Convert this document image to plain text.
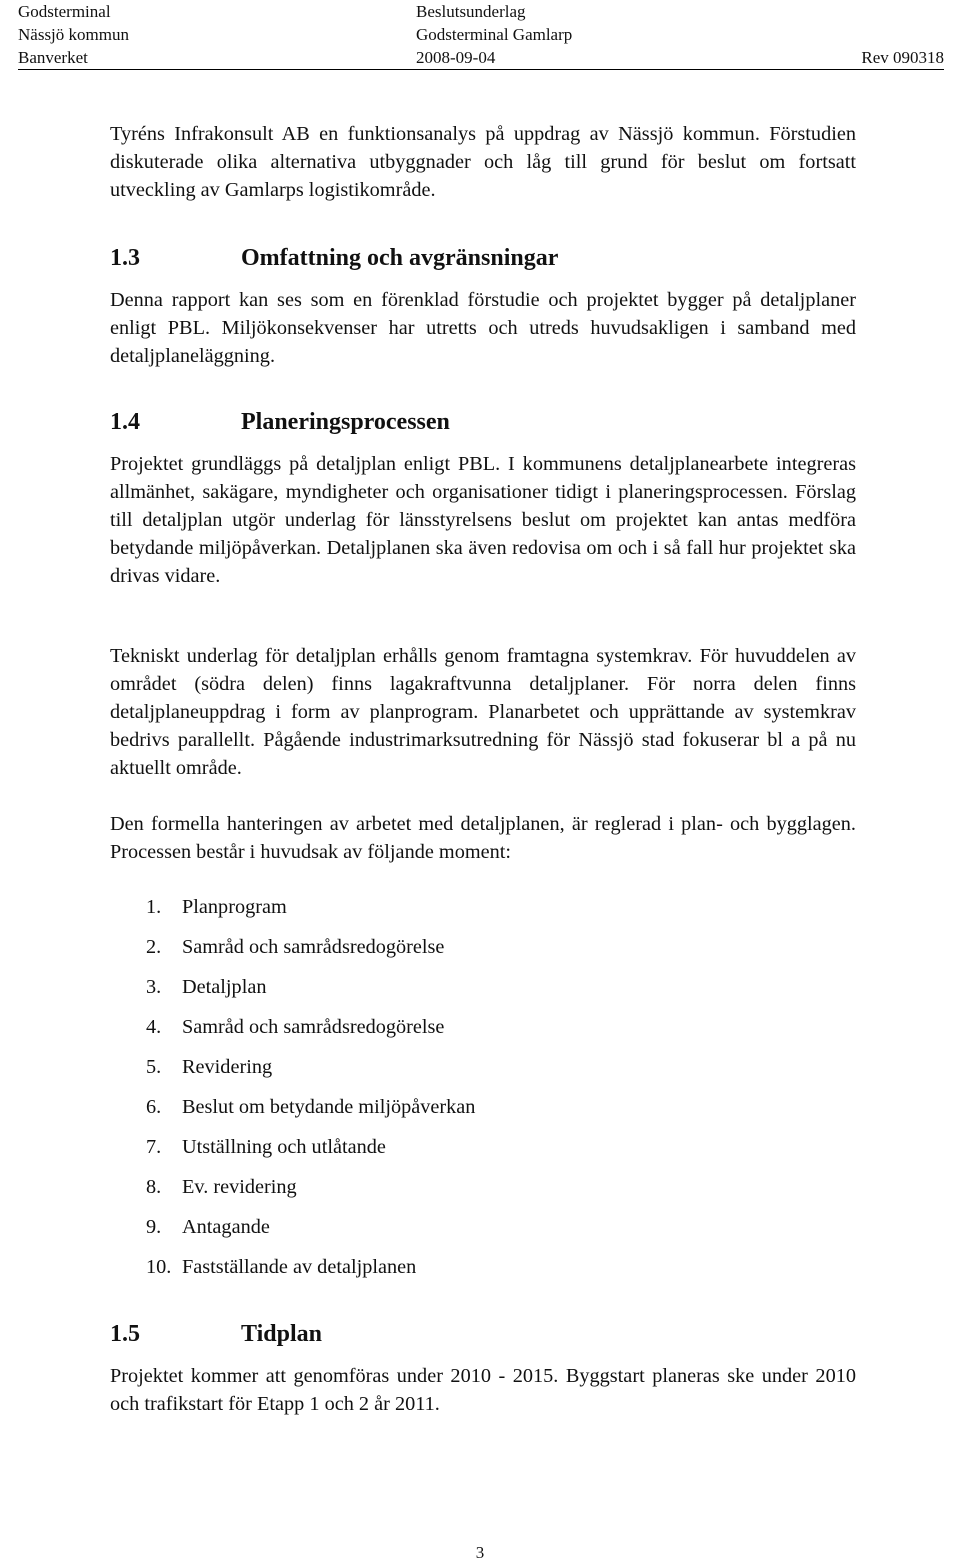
Godsterminal	Beslutsunderlag
Nässjö kommun	Godsterminal Gamlarp
Banverket	2008-09-04	Rev 090318

Tyréns Infrakonsult AB en funktionsanalys på uppdrag av Nässjö kommun. Förstudien diskuterade olika alternativa utbyggnader och låg till grund för beslut om fortsatt utveckling av Gamlarps logistikområde.

1.3	Omfattning och avgränsningar

Denna rapport kan ses som en förenklad förstudie och projektet bygger på detaljplaner enligt PBL. Miljökonsekvenser har utretts och utreds huvudsakligen i samband med detaljplaneläggning.

1.4	Planeringsprocessen

Projektet grundläggs på detaljplan enligt PBL. I kommunens detaljplanearbete integreras allmänhet, sakägare, myndigheter och organisationer tidigt i planeringsprocessen. Förslag till detaljplan utgör underlag för länsstyrelsens beslut om projektet kan antas medföra betydande miljöpåverkan. Detaljplanen ska även redovisa om och i så fall hur projektet ska drivas vidare.

Tekniskt underlag för detaljplan erhålls genom framtagna systemkrav. För huvuddelen av området (södra delen) finns lagakraftvunna detaljplaner. För norra delen finns detaljplaneuppdrag i form av planprogram. Planarbetet och upprättande av systemkrav bedrivs parallellt. Pågående industrimarksutredning för Nässjö stad fokuserar bl a på nu aktuellt område.

Den formella hanteringen av arbetet med detaljplanen, är reglerad i plan- och bygglagen. Processen består i huvudsak av följande moment:

1. Planprogram
2. Samråd och samrådsredogörelse
3. Detaljplan
4. Samråd och samrådsredogörelse
5. Revidering
6. Beslut om betydande miljöpåverkan
7. Utställning och utlåtande
8. Ev. revidering
9. Antagande
10. Fastställande av detaljplanen
1.5	Tidplan

Projektet kommer att genomföras under 2010 - 2015. Byggstart planeras ske under 2010 och trafikstart för Etapp 1 och 2 år 2011.

3
